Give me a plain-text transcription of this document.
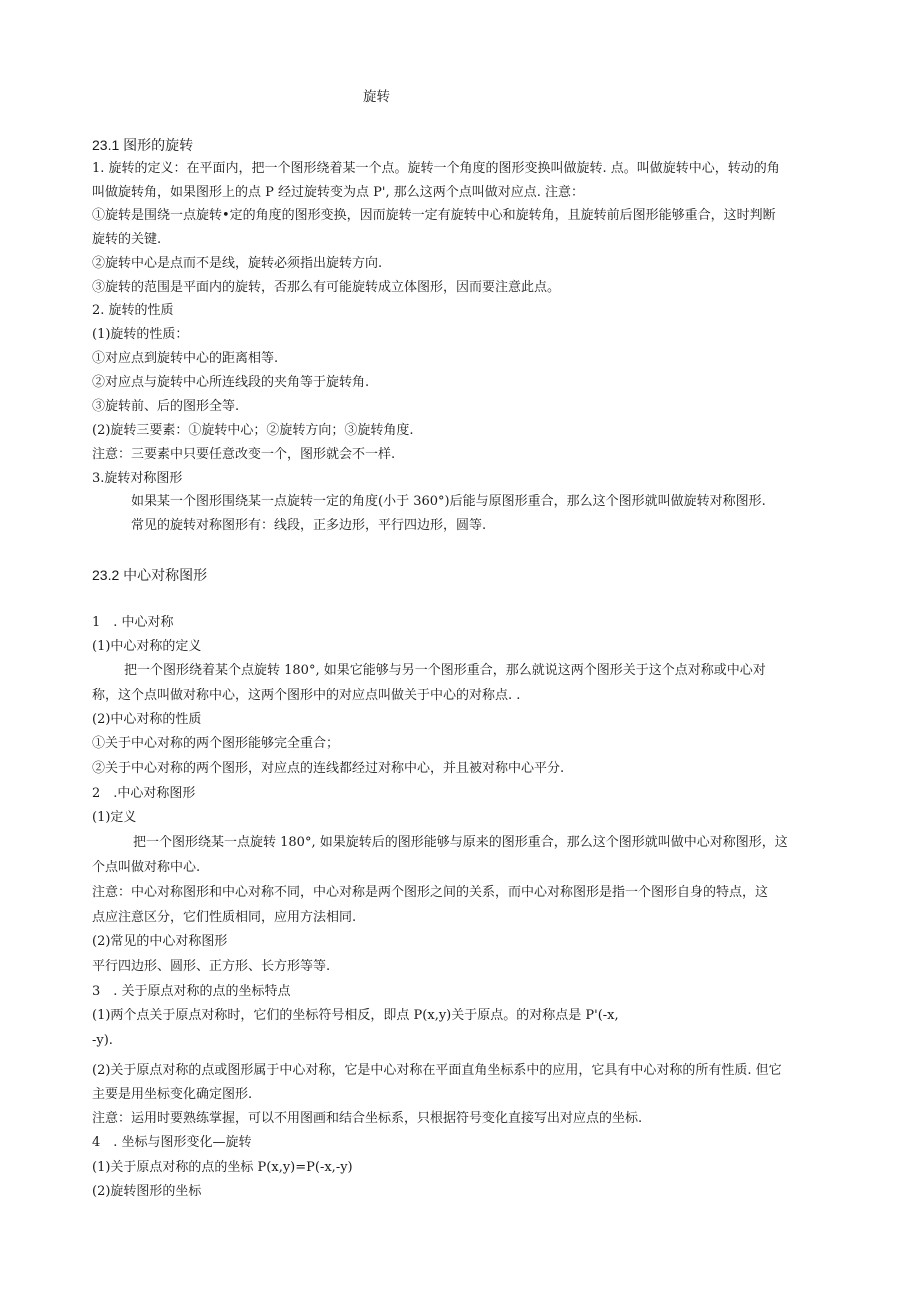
旋转
23.1 图形的旋转
1. 旋转的定义：在平面内，把一个图形绕着某一个点。旋转一个角度的图形变换叫做旋转. 点。叫做旋转中心，转动的角
叫做旋转角，如果图形上的点 P 经过旋转变为点 P', 那么这两个点叫做对应点. 注意：
①旋转是围绕一点旋转•定的角度的图形变换，因而旋转一定有旋转中心和旋转角，且旋转前后图形能够重合，这时判断
旋转的关键.
②旋转中心是点而不是线，旋转必须指出旋转方向.
③旋转的范围是平面内的旋转，否那么有可能旋转成立体图形，因而要注意此点。
2. 旋转的性质
(1)旋转的性质：
①对应点到旋转中心的距离相等.
②对应点与旋转中心所连线段的夹角等于旋转角.
③旋转前、后的图形全等.
(2)旋转三要素：①旋转中心；②旋转方向；③旋转角度.
注意：三要素中只要任意改变一个，图形就会不一样.
3.旋转对称图形
如果某一个图形围绕某一点旋转一定的角度(小于 360°)后能与原图形重合，那么这个图形就叫做旋转对称图形.
常见的旋转对称图形有：线段，正多边形，平行四边形，圆等.
23.2 中心对称图形
1　. 中心对称
(1)中心对称的定义
把一个图形绕着某个点旋转 180°, 如果它能够与另一个图形重合，那么就说这两个图形关于这个点对称或中心对
称，这个点叫做对称中心，这两个图形中的对应点叫做关于中心的对称点. .
(2)中心对称的性质
①关于中心对称的两个图形能够完全重合；
②关于中心对称的两个图形，对应点的连线都经过对称中心，并且被对称中心平分.
2　.中心对称图形
(1)定义
把一个图形绕某一点旋转 180°, 如果旋转后的图形能够与原来的图形重合，那么这个图形就叫做中心对称图形，这
个点叫做对称中心.
注意：中心对称图形和中心对称不同，中心对称是两个图形之间的关系，而中心对称图形是指一个图形自身的特点，这
点应注意区分，它们性质相同，应用方法相同.
(2)常见的中心对称图形
平行四边形、圆形、正方形、长方形等等.
3　. 关于原点对称的点的坐标特点
(1)两个点关于原点对称时，它们的坐标符号相反，即点 P(x,y)关于原点。的对称点是 P'(-x,
-y).
(2)关于原点对称的点或图形属于中心对称，它是中心对称在平面直角坐标系中的应用，它具有中心对称的所有性质. 但它
主要是用坐标变化确定图形.
注意：运用时要熟练掌握，可以不用图画和结合坐标系，只根据符号变化直接写出对应点的坐标.
4　. 坐标与图形变化—旋转
(1)关于原点对称的点的坐标 P(x,y)=P(-x,-y)
(2)旋转图形的坐标
